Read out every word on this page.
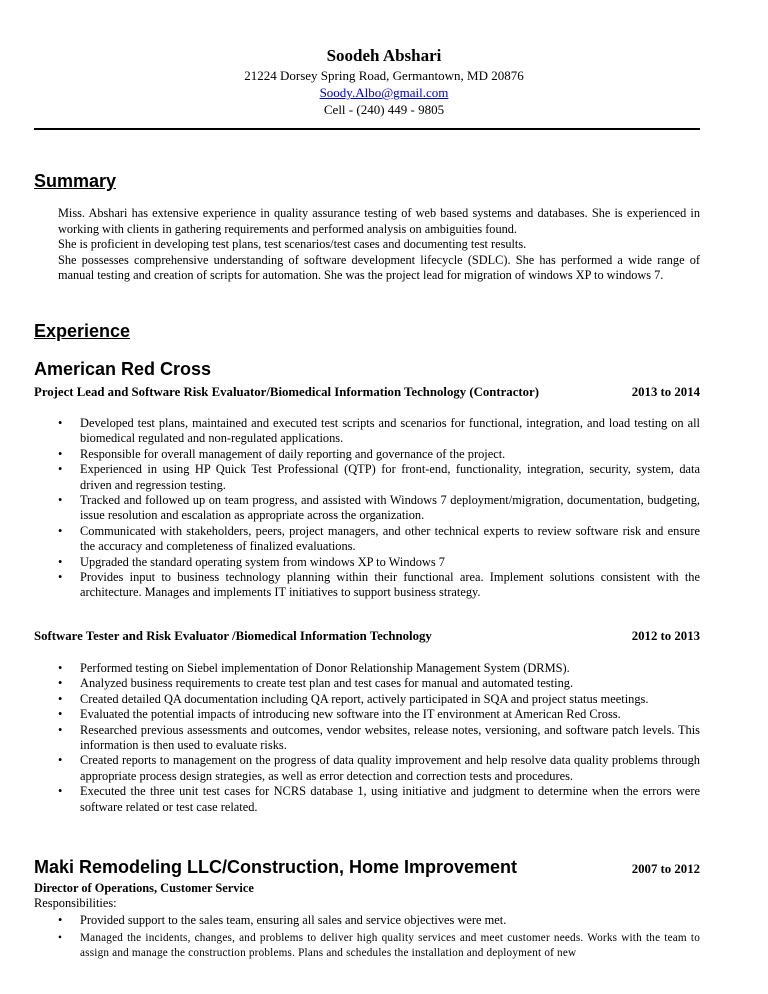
Soodeh Abshari
21224 Dorsey Spring Road, Germantown, MD 20876
Soody.Albo@gmail.com
Cell - (240) 449 - 9805
Summary

Miss. Abshari has extensive experience in quality assurance testing of web based systems and databases. She is experienced in working with clients in gathering requirements and performed analysis on ambiguities found.

She is proficient in developing test plans, test scenarios/test cases and documenting test results.

She possesses comprehensive understanding of software development lifecycle (SDLC). She has performed a wide range of manual testing and creation of scripts for automation. She was the project lead for migration of windows XP to windows 7.

Experience
American Red Cross
Project Lead and Software Risk Evaluator/Biomedical Information Technology (Contractor)	2013 to 2014
• Developed test plans, maintained and executed test scripts and scenarios for functional, integration, and load testing on all biomedical regulated and non-regulated applications.
• Responsible for overall management of daily reporting and governance of the project.
• Experienced in using HP Quick Test Professional (QTP) for front-end, functionality, integration, security, system, data driven and regression testing.
• Tracked and followed up on team progress, and assisted with Windows 7 deployment/migration, documentation, budgeting, issue resolution and escalation as appropriate across the organization.
• Communicated with stakeholders, peers, project managers, and other technical experts to review software risk and ensure the accuracy and completeness of finalized evaluations.
• Upgraded the standard operating system from windows XP to Windows 7
• Provides input to business technology planning within their functional area. Implement solutions consistent with the architecture. Manages and implements IT initiatives to support business strategy.
Software Tester and Risk Evaluator /Biomedical Information Technology	2012 to 2013
• Performed testing on Siebel implementation of Donor Relationship Management System (DRMS).
• Analyzed business requirements to create test plan and test cases for manual and automated testing.
• Created detailed QA documentation including QA report, actively participated in SQA and project status meetings.
• Evaluated the potential impacts of introducing new software into the IT environment at American Red Cross.
• Researched previous assessments and outcomes, vendor websites, release notes, versioning, and software patch levels. This information is then used to evaluate risks.
• Created reports to management on the progress of data quality improvement and help resolve data quality problems through appropriate process design strategies, as well as error detection and correction tests and procedures.
• Executed the three unit test cases for NCRS database 1, using initiative and judgment to determine when the errors were software related or test case related.
Maki Remodeling LLC/Construction, Home Improvement	2007 to 2012
Director of Operations, Customer Service
Responsibilities:
• Provided support to the sales team, ensuring all sales and service objectives were met.
• Managed the incidents, changes, and problems to deliver high quality services and meet customer needs. Works with the team to assign and manage the construction problems. Plans and schedules the installation and deployment of new
